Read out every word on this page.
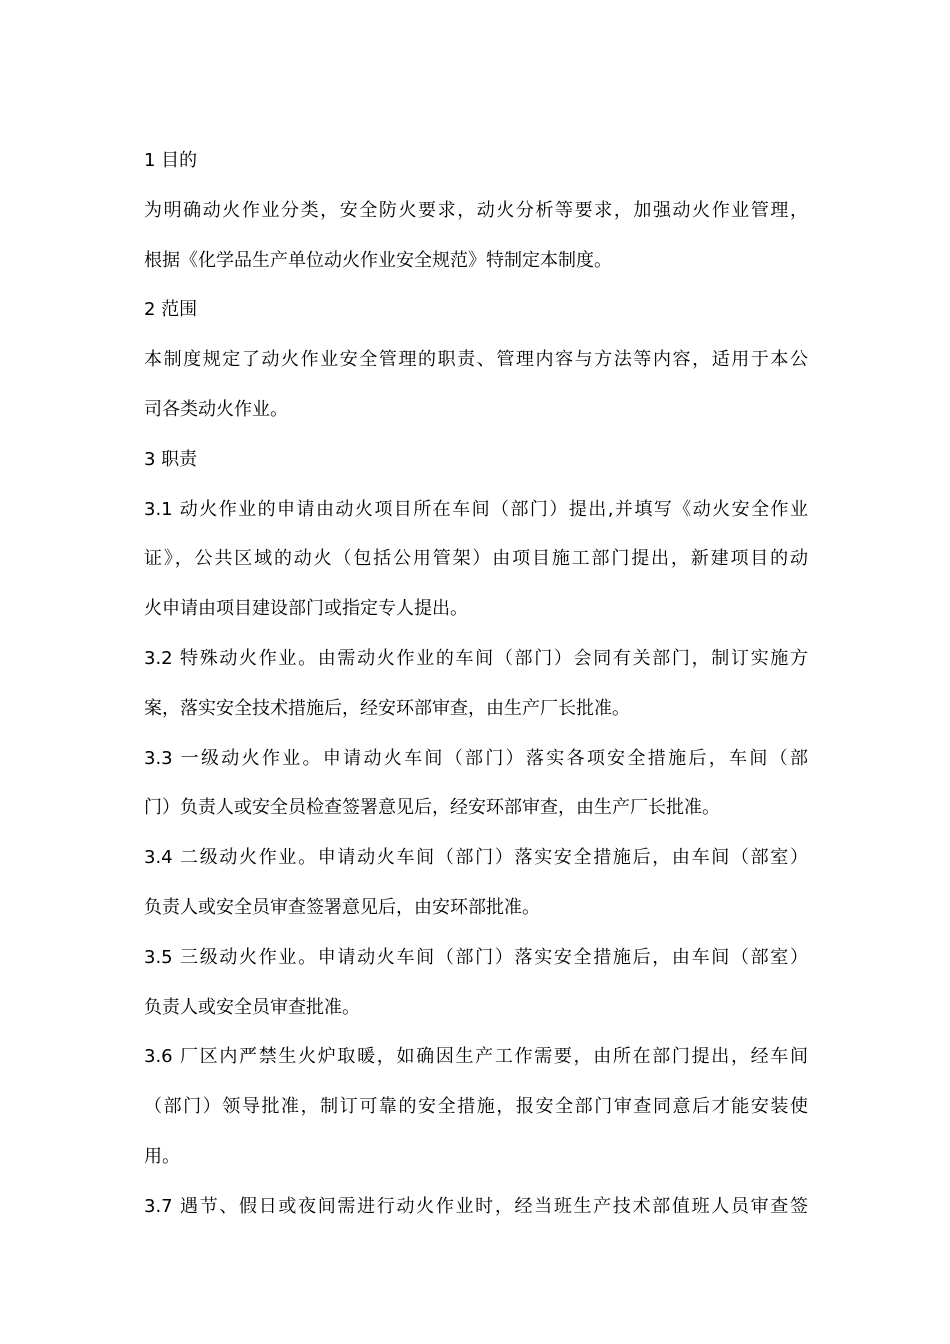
1 目的
为明确动火作业分类，安全防火要求，动火分析等要求，加强动火作业管理，
根据《化学品生产单位动火作业安全规范》特制定本制度。
2 范围
本制度规定了动火作业安全管理的职责、管理内容与方法等内容，适用于本公
司各类动火作业。
3 职责
3.1 动火作业的申请由动火项目所在车间（部门）提出,并填写《动火安全作业
证》，公共区域的动火（包括公用管架）由项目施工部门提出，新建项目的动
火申请由项目建设部门或指定专人提出。
3.2 特殊动火作业。由需动火作业的车间（部门）会同有关部门，制订实施方
案，落实安全技术措施后，经安环部审查，由生产厂长批准。
3.3 一级动火作业。申请动火车间（部门）落实各项安全措施后，车间（部
门）负责人或安全员检查签署意见后，经安环部审查，由生产厂长批准。
3.4 二级动火作业。申请动火车间（部门）落实安全措施后，由车间（部室）
负责人或安全员审查签署意见后，由安环部批准。
3.5 三级动火作业。申请动火车间（部门）落实安全措施后，由车间（部室）
负责人或安全员审查批准。
3.6 厂区内严禁生火炉取暖，如确因生产工作需要，由所在部门提出，经车间
（部门）领导批准，制订可靠的安全措施，报安全部门审查同意后才能安装使
用。
3.7 遇节、假日或夜间需进行动火作业时，经当班生产技术部值班人员审查签
